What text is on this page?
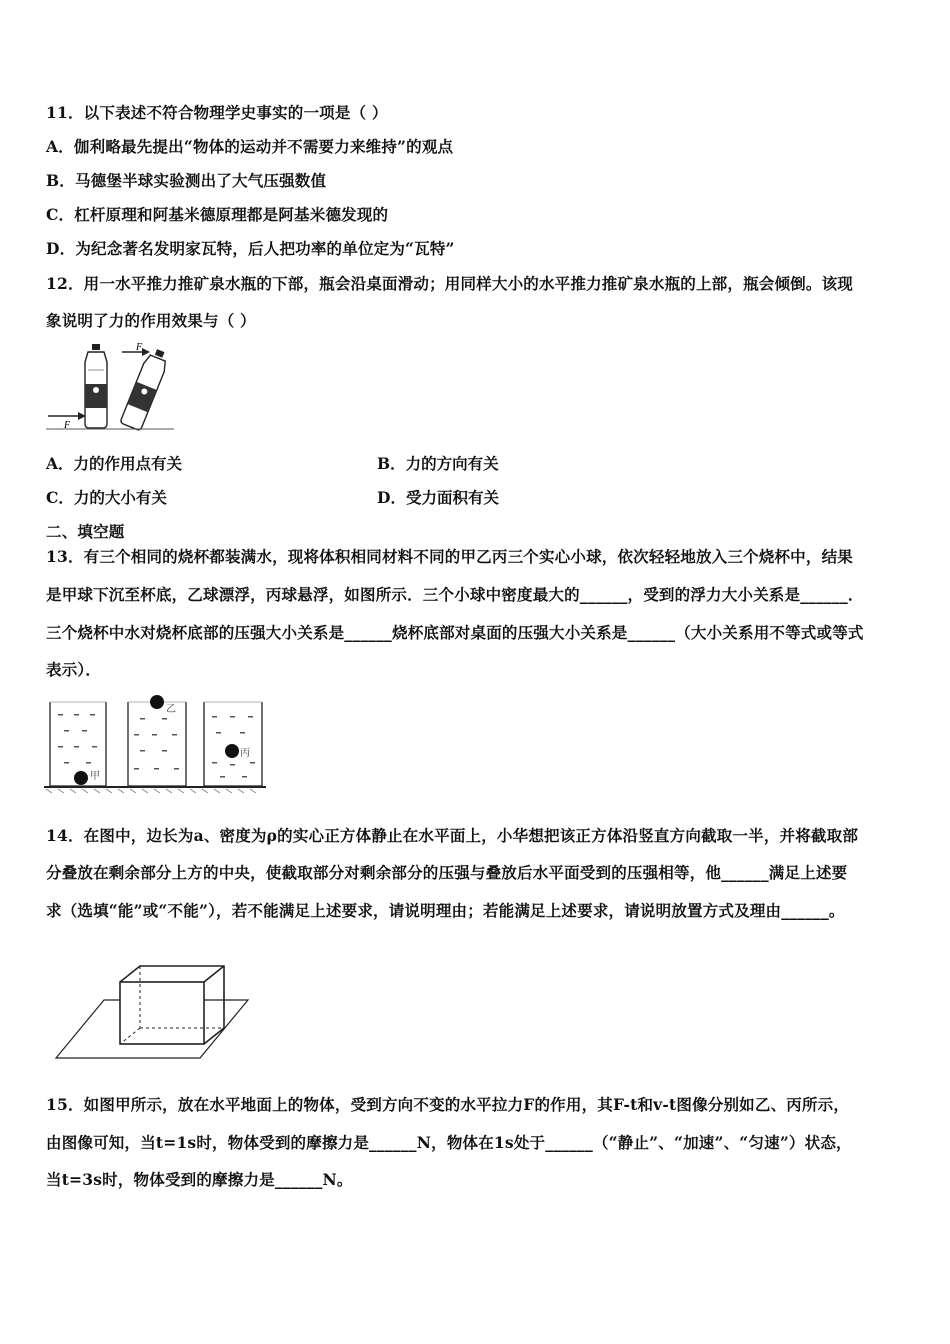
11．以下表述不符合物理学史事实的一项是（ ）
A．伽利略最先提出“物体的运动并不需要力来维持”的观点
B．马德堡半球实验测出了大气压强数值
C．杠杆原理和阿基米德原理都是阿基米德发现的
D．为纪念著名发明家瓦特，后人把功率的单位定为“瓦特”
12．用一水平推力推矿泉水瓶的下部，瓶会沿桌面滑动；用同样大小的水平推力推矿泉水瓶的上部，瓶会倾倒。该现
象说明了力的作用效果与（ ）
F
F
A．力的作用点有关	B．力的方向有关
C．力的大小有关	D．受力面积有关
二、填空题
13．有三个相同的烧杯都装满水，现将体积相同材料不同的甲乙丙三个实心小球，依次轻轻地放入三个烧杯中，结果
是甲球下沉至杯底，乙球漂浮，丙球悬浮，如图所示．三个小球中密度最大的______，受到的浮力大小关系是______．
三个烧杯中水对烧杯底部的压强大小关系是______烧杯底部对桌面的压强大小关系是______（大小关系用不等式或等式
表示）．
甲
乙
丙
14．在图中，边长为a、密度为ρ的实心正方体静止在水平面上，小华想把该正方体沿竖直方向截取一半，并将截取部
分叠放在剩余部分上方的中央，使截取部分对剩余部分的压强与叠放后水平面受到的压强相等，他______满足上述要
求（选填“能”或“不能”），若不能满足上述要求，请说明理由；若能满足上述要求，请说明放置方式及理由______。
15．如图甲所示，放在水平地面上的物体，受到方向不变的水平拉力F的作用，其F-t和v-t图像分别如乙、丙所示，
由图像可知，当t=1s时，物体受到的摩擦力是______N，物体在1s处于______（“静止”、“加速”、“匀速”）状态，
当t=3s时，物体受到的摩擦力是______N。
